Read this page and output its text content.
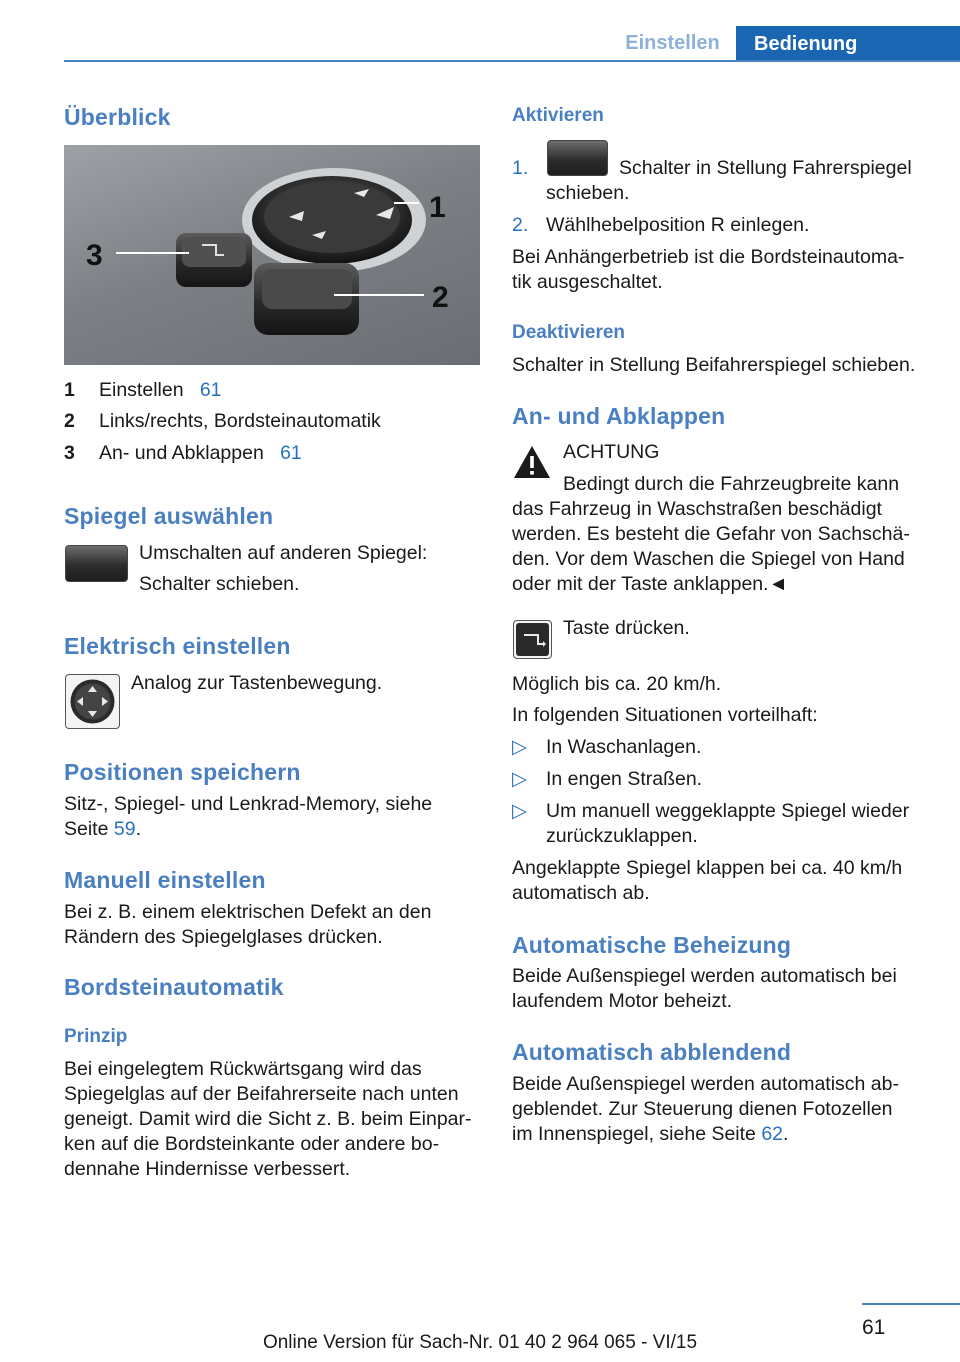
Einstellen	Bedienung
Überblick
1
2
3
1 Einstellen 61
2 Links/rechts, Bordsteinautomatik
3 An- und Abklappen 61
Spiegel auswählen
Umschalten auf anderen Spiegel:
Schalter schieben.
Elektrisch einstellen
Analog zur Tastenbewegung.
Positionen speichern
Sitz-, Spiegel- und Lenkrad-Memory, siehe
Seite 59.
Manuell einstellen
Bei z. B. einem elektrischen Defekt an den
Rändern des Spiegelglases drücken.
Bordsteinautomatik
Prinzip
Bei eingelegtem Rückwärtsgang wird das
Spiegelglas auf der Beifahrerseite nach unten
geneigt. Damit wird die Sicht z. B. beim Einpar‐
ken auf die Bordsteinkante oder andere bo‐
dennahe Hindernisse verbessert.
Aktivieren
1.	Schalter in Stellung Fahrerspiegel
schieben.
2. Wählhebelposition R einlegen.
Bei Anhängerbetrieb ist die Bordsteinautoma‐
tik ausgeschaltet.
Deaktivieren
Schalter in Stellung Beifahrerspiegel schieben.
An- und Abklappen
ACHTUNG
Bedingt durch die Fahrzeugbreite kann
das Fahrzeug in Waschstraßen beschädigt
werden. Es besteht die Gefahr von Sachschä‐
den. Vor dem Waschen die Spiegel von Hand
oder mit der Taste anklappen.◄
Taste drücken.
Möglich bis ca. 20 km/h.
In folgenden Situationen vorteilhaft:
▷ In Waschanlagen.
▷ In engen Straßen.
▷ Um manuell weggeklappte Spiegel wieder
zurückzuklappen.
Angeklappte Spiegel klappen bei ca. 40 km/h
automatisch ab.
Automatische Beheizung
Beide Außenspiegel werden automatisch bei
laufendem Motor beheizt.
Automatisch abblendend
Beide Außenspiegel werden automatisch ab‐
geblendet. Zur Steuerung dienen Fotozellen
im Innenspiegel, siehe Seite 62.
61
Online Version für Sach-Nr. 01 40 2 964 065 - VI/15
